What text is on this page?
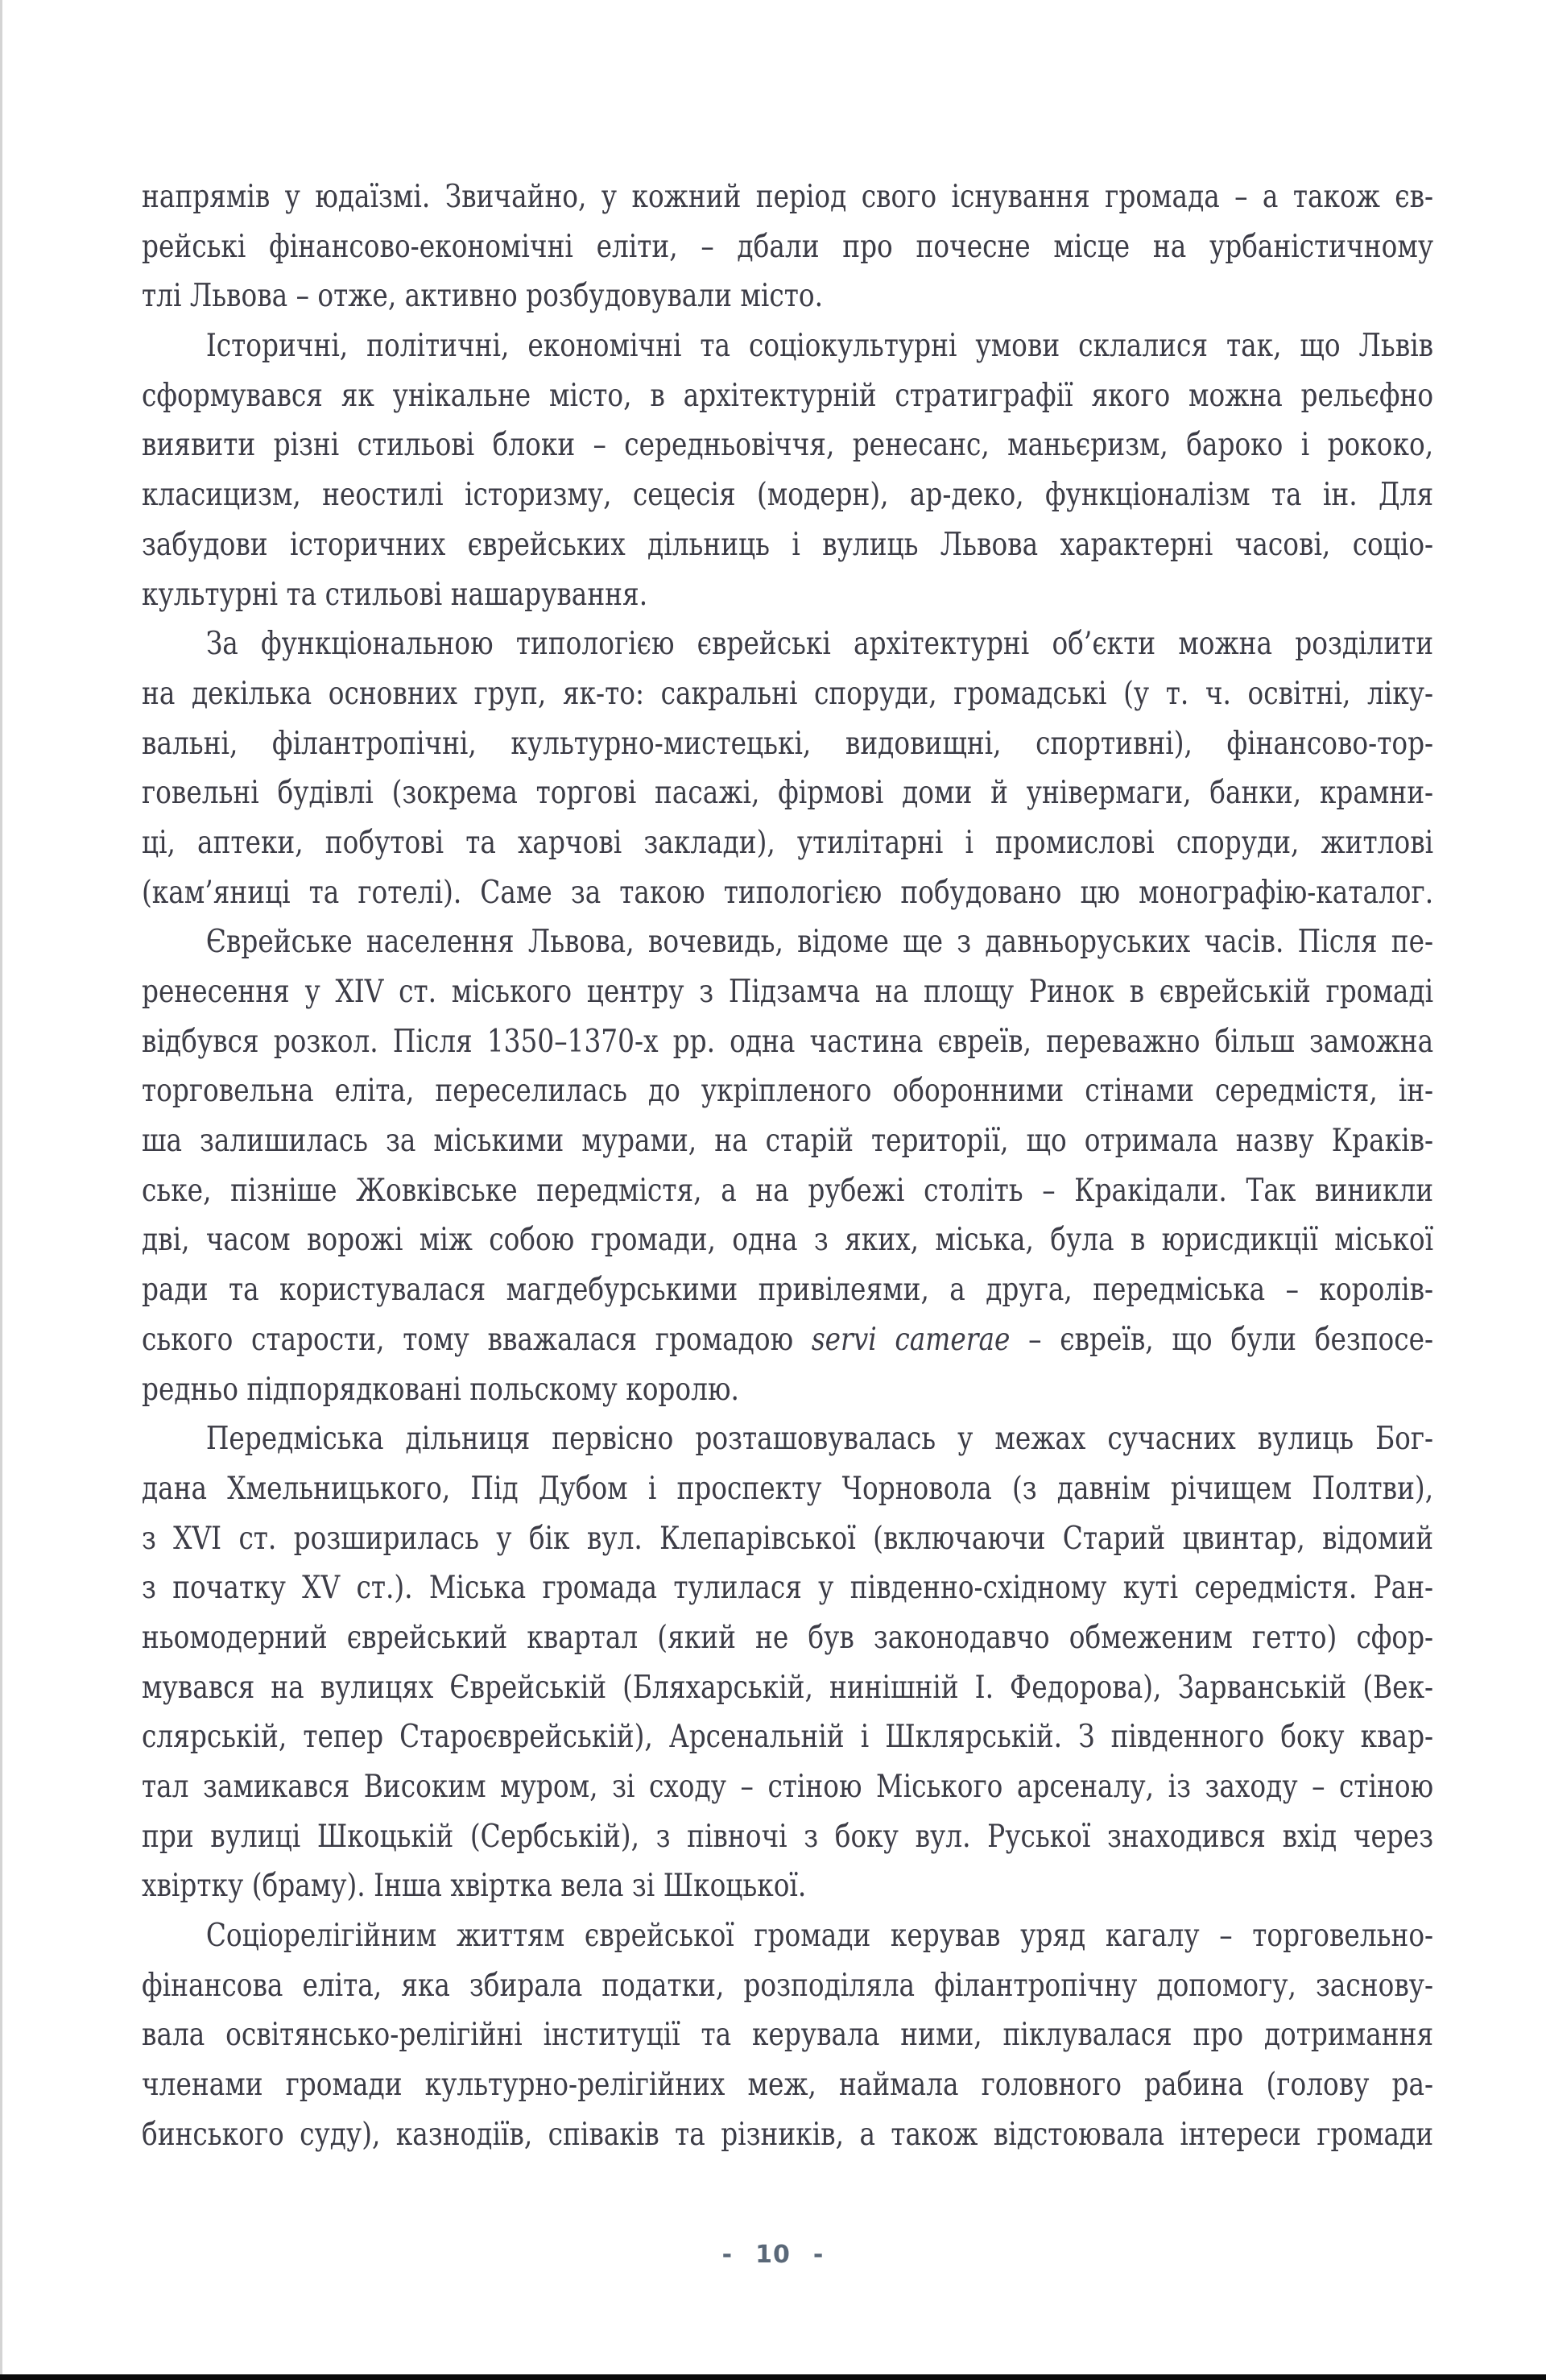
напрямів у юдаїзмі. Звичайно, у кожний період свого існування громада – а також єв-
рейські фінансово-економічні еліти, – дбали про почесне місце на урбаністичному
тлі Львова – отже, активно розбудовували місто.
Історичні, політичні, економічні та соціокультурні умови склалися так, що Львів
сформувався як унікальне місто, в архітектурній стратиграфії якого можна рельєфно
виявити різні стильові блоки – середньовіччя, ренесанс, маньєризм, бароко і рококо,
класицизм, неостилі історизму, сецесія (модерн), ар-деко, функціоналізм та ін. Для
забудови історичних єврейських дільниць і вулиць Львова характерні часові, соціо-
культурні та стильові нашарування.
За функціональною типологією єврейські архітектурні об’єкти можна розділити
на декілька основних груп, як-то: сакральні споруди, громадські (у т. ч. освітні, ліку-
вальні, філантропічні, культурно-мистецькі, видовищні, спортивні), фінансово-тор-
говельні будівлі (зокрема торгові пасажі, фірмові доми й універмаги, банки, крамни-
ці, аптеки, побутові та харчові заклади), утилітарні і промислові споруди, житлові
(кам’яниці та готелі). Саме за такою типологією побудовано цю монографію-каталог.
Єврейське населення Львова, вочевидь, відоме ще з давньоруських часів. Після пе-
ренесення у XIV ст. міського центру з Підзамча на площу Ринок в єврейській громаді
відбувся розкол. Після 1350–1370-х рр. одна частина євреїв, переважно більш заможна
торговельна еліта, переселилась до укріпленого оборонними стінами середмістя, ін-
ша залишилась за міськими мурами, на старій території, що отримала назву Краків-
ське, пізніше Жовківське передмістя, а на рубежі століть – Кракідали. Так виникли
дві, часом ворожі між собою громади, одна з яких, міська, була в юрисдикції міської
ради та користувалася магдебурськими привілеями, а друга, передміська – королів-
ського старости, тому вважалася громадою servi camerae – євреїв, що були безпосе-
редньо підпорядковані польскому королю.
Передміська дільниця первісно розташовувалась у межах сучасних вулиць Бог-
дана Хмельницького, Під Дубом і проспекту Чорновола (з давнім річищем Полтви),
з XVI ст. розширилась у бік вул. Клепарівської (включаючи Старий цвинтар, відомий
з початку XV ст.). Міська громада тулилася у південно-східному куті середмістя. Ран-
ньомодерний єврейський квартал (який не був законодавчо обмеженим гетто) сфор-
мувався на вулицях Єврейській (Бляхарській, нинішній І. Федорова), Зарванській (Век-
слярській, тепер Староєврейській), Арсенальній і Шклярській. З південного боку квар-
тал замикався Високим муром, зі сходу – стіною Міського арсеналу, із заходу – стіною
при вулиці Шкоцькій (Сербській), з півночі з боку вул. Руської знаходився вхід через
хвіртку (браму). Інша хвіртка вела зі Шкоцької.
Соціорелігійним життям єврейської громади керував уряд кагалу – торговельно-
фінансова еліта, яка збирала податки, розподіляла філантропічну допомогу, заснову-
вала освітянсько-релігійні інституції та керувала ними, піклувалася про дотримання
членами громади культурно-релігійних меж, наймала головного рабина (голову ра-
бинського суду), казнодіїв, співаків та різників, а також відстоювала інтереси громади
- 10 -
